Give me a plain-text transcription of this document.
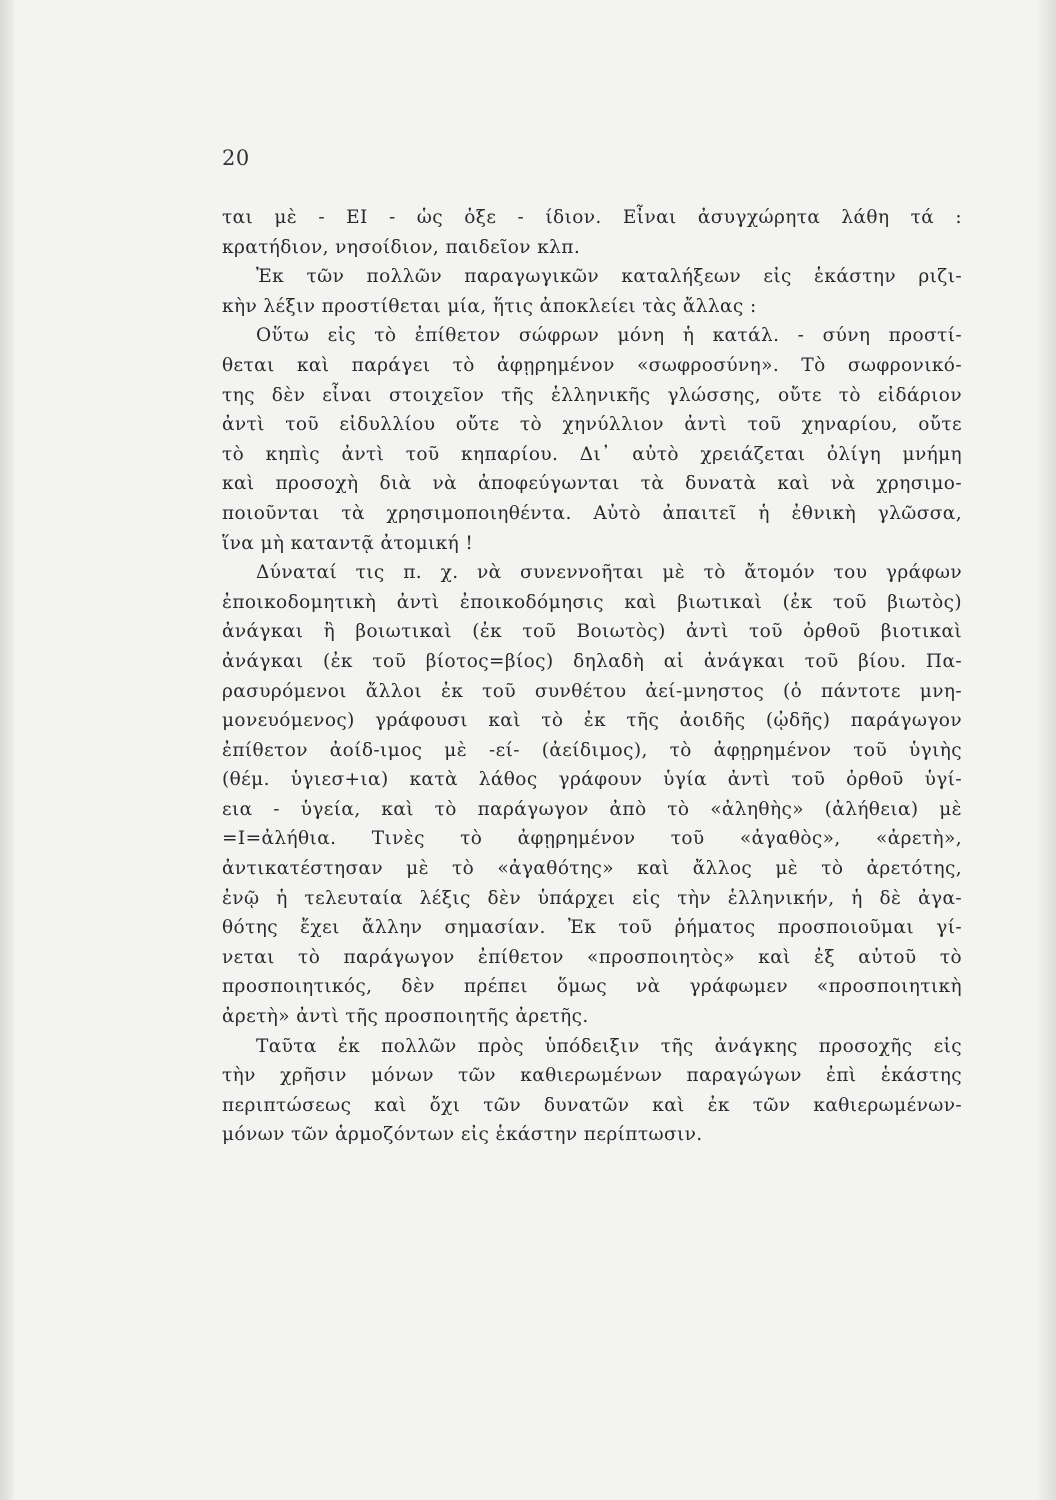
20
ται μὲ - ΕΙ - ὡς ὀξε - ίδιον. Εἶναι ἀσυγχώρητα λάθη τά :
κρατήδιον, νησοίδιον, παιδεῖον κλπ.
Ἐκ τῶν πολλῶν παραγωγικῶν καταλήξεων εἰς ἑκάστην ριζι-
κὴν λέξιν προστίθεται μία, ἥτις ἀποκλείει τὰς ἄλλας :
Οὕτω εἰς τὸ ἐπίθετον σώφρων μόνη ἡ κατάλ. - σύνη προστί-
θεται καὶ παράγει τὸ ἀφῃρημένον «σωφροσύνη». Τὸ σωφρονικό-
της δὲν εἶναι στοιχεῖον τῆς ἑλληνικῆς γλώσσης, οὔτε τὸ εἰδάριον
ἀντὶ τοῦ εἰδυλλίου οὔτε τὸ χηνύλλιον ἀντὶ τοῦ χηναρίου, οὔτε
τὸ κηπὶς ἀντὶ τοῦ κηπαρίου. Δι᾽ αὐτὸ χρειάζεται ὀλίγη μνήμη
καὶ προσοχὴ διὰ νὰ ἀποφεύγωνται τὰ δυνατὰ καὶ νὰ χρησιμο-
ποιοῦνται τὰ χρησιμοποιηθέντα. Αὐτὸ ἀπαιτεῖ ἡ ἐθνικὴ γλῶσσα,
ἵνα μὴ καταντᾷ ἀτομική !
Δύναταί τις π. χ. νὰ συνεννοῆται μὲ τὸ ἄτομόν του γράφων
ἐποικοδομητικὴ ἀντὶ ἐποικοδόμησις καὶ βιωτικαὶ (ἐκ τοῦ βιωτὸς)
ἀνάγκαι ἢ βοιωτικαὶ (ἐκ τοῦ Βοιωτὸς) ἀντὶ τοῦ ὀρθοῦ βιοτικαὶ
ἀνάγκαι (ἐκ τοῦ βίοτος=βίος) δηλαδὴ αἱ ἀνάγκαι τοῦ βίου. Πα-
ρασυρόμενοι ἄλλοι ἐκ τοῦ συνθέτου ἀεί-μνηστος (ὁ πάντοτε μνη-
μονευόμενος) γράφουσι καὶ τὸ ἐκ τῆς ἀοιδῆς (ᾠδῆς) παράγωγον
ἐπίθετον ἀοίδ-ιμος μὲ -εί- (ἀείδιμος), τὸ ἀφῃρημένον τοῦ ὑγιὴς
(θέμ. ὑγιεσ+ια) κατὰ λάθος γράφουν ὑγία ἀντὶ τοῦ ὀρθοῦ ὑγί-
εια - ὑγεία, καὶ τὸ παράγωγον ἀπὸ τὸ «ἀληθὴς» (ἀλήθεια) μὲ
=Ι=ἀλήθια. Τινὲς τὸ ἀφῃρημένον τοῦ «ἀγαθὸς», «ἀρετὴ»,
ἀντικατέστησαν μὲ τὸ «ἀγαθότης» καὶ ἄλλος μὲ τὸ ἀρετότης,
ἐνῷ ἡ τελευταία λέξις δὲν ὑπάρχει εἰς τὴν ἑλληνικήν, ἡ δὲ ἀγα-
θότης ἔχει ἄλλην σημασίαν. Ἐκ τοῦ ῥήματος προσποιοῦμαι γί-
νεται τὸ παράγωγον ἐπίθετον «προσποιητὸς» καὶ ἐξ αὐτοῦ τὸ
προσποιητικός, δὲν πρέπει ὅμως νὰ γράφωμεν «προσποιητικὴ
ἀρετὴ» ἀντὶ τῆς προσποιητῆς ἀρετῆς.
Ταῦτα ἐκ πολλῶν πρὸς ὑπόδειξιν τῆς ἀνάγκης προσοχῆς εἰς
τὴν χρῆσιν μόνων τῶν καθιερωμένων παραγώγων ἐπὶ ἑκάστης
περιπτώσεως καὶ ὄχι τῶν δυνατῶν καὶ ἐκ τῶν καθιερωμένων-
μόνων τῶν ἁρμοζόντων εἰς ἑκάστην περίπτωσιν.
